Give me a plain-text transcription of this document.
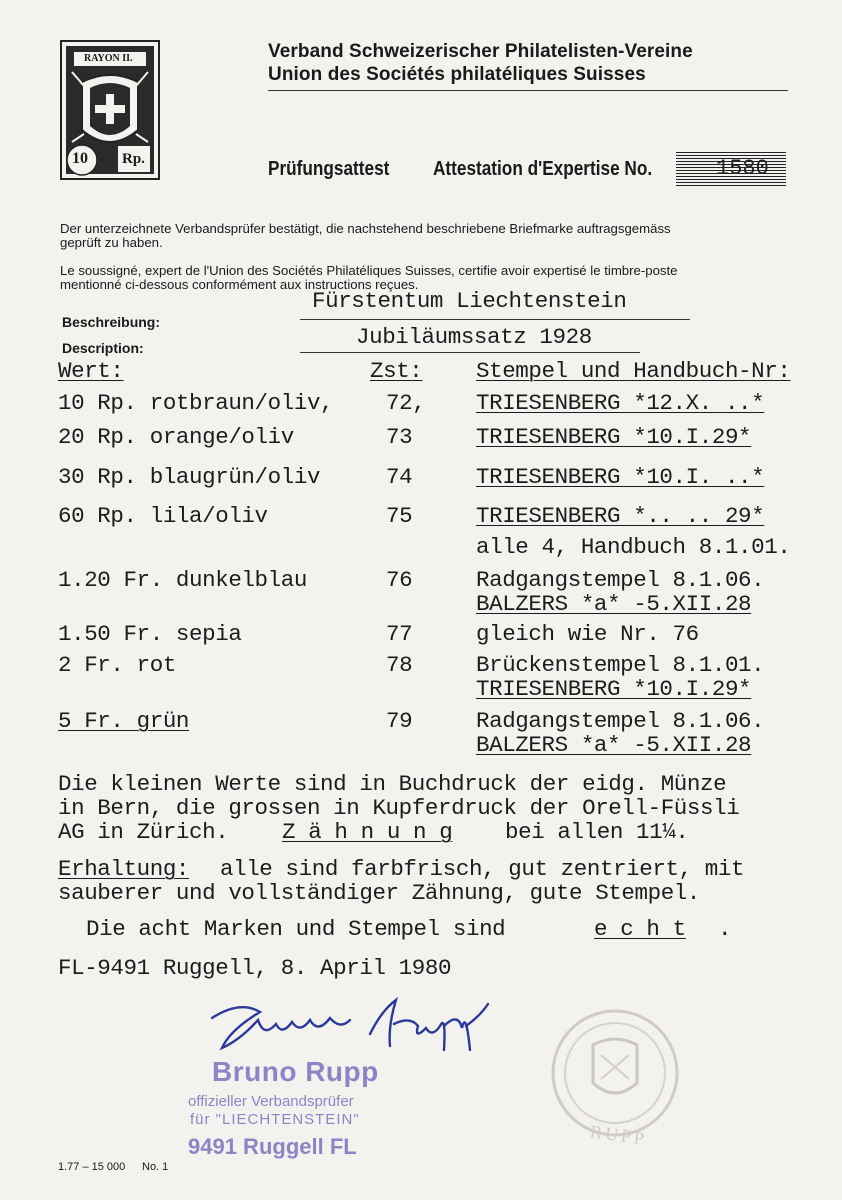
RAYON II.
10 Rp.
Verband Schweizerischer Philatelisten-Vereine
Union des Sociétés philatéliques Suisses
Prüfungsattest Attestation d'Expertise No.	1580
Der unterzeichnete Verbandsprüfer bestätigt, die nachstehend beschriebene Briefmarke auftragsgemäss
geprüft zu haben.
Le soussigné, expert de l'Union des Sociétés Philatéliques Suisses, certifie avoir expertisé le timbre-poste
mentionné ci-dessous conformément aux instructions reçues.
Beschreibung:
Description:
Fürstentum Liechtenstein
Jubiläumssatz 1928
Wert:	Zst: Stempel und Handbuch-Nr:
10 Rp. rotbraun/oliv, 72, TRIESENBERG *12.X. ..*
20 Rp. orange/oliv	73	TRIESENBERG *10.I.29*
30 Rp. blaugrün/oliv	74	TRIESENBERG *10.I. ..*
60 Rp. lila/oliv	75	TRIESENBERG *.. .. 29*
alle 4, Handbuch 8.1.01.
1.20 Fr. dunkelblau	76	Radgangstempel 8.1.06.
BALZERS *a* -5.XII.28
1.50 Fr. sepia	77	gleich wie Nr. 76
2 Fr. rot	78	Brückenstempel 8.1.01.
TRIESENBERG *10.I.29*
5 Fr. grün	79	Radgangstempel 8.1.06.
BALZERS *a* -5.XII.28
Die kleinen Werte sind in Buchdruck der eidg. Münze
in Bern, die grossen in Kupferdruck der Orell-Füssli
AG in Zürich. Z ä h n u n g bei allen 11¼.
Erhaltung: alle sind farbfrisch, gut zentriert, mit
sauberer und vollständiger Zähnung, gute Stempel.
Die acht Marken und Stempel sind	e c h t .
FL-9491 Ruggell, 8. April 1980
Bruno Rupp
offizieller Verbandsprüfer
für "LIECHTENSTEIN"
9491 Ruggell FL	RUPP
1.77 – 15 000 No. 1
